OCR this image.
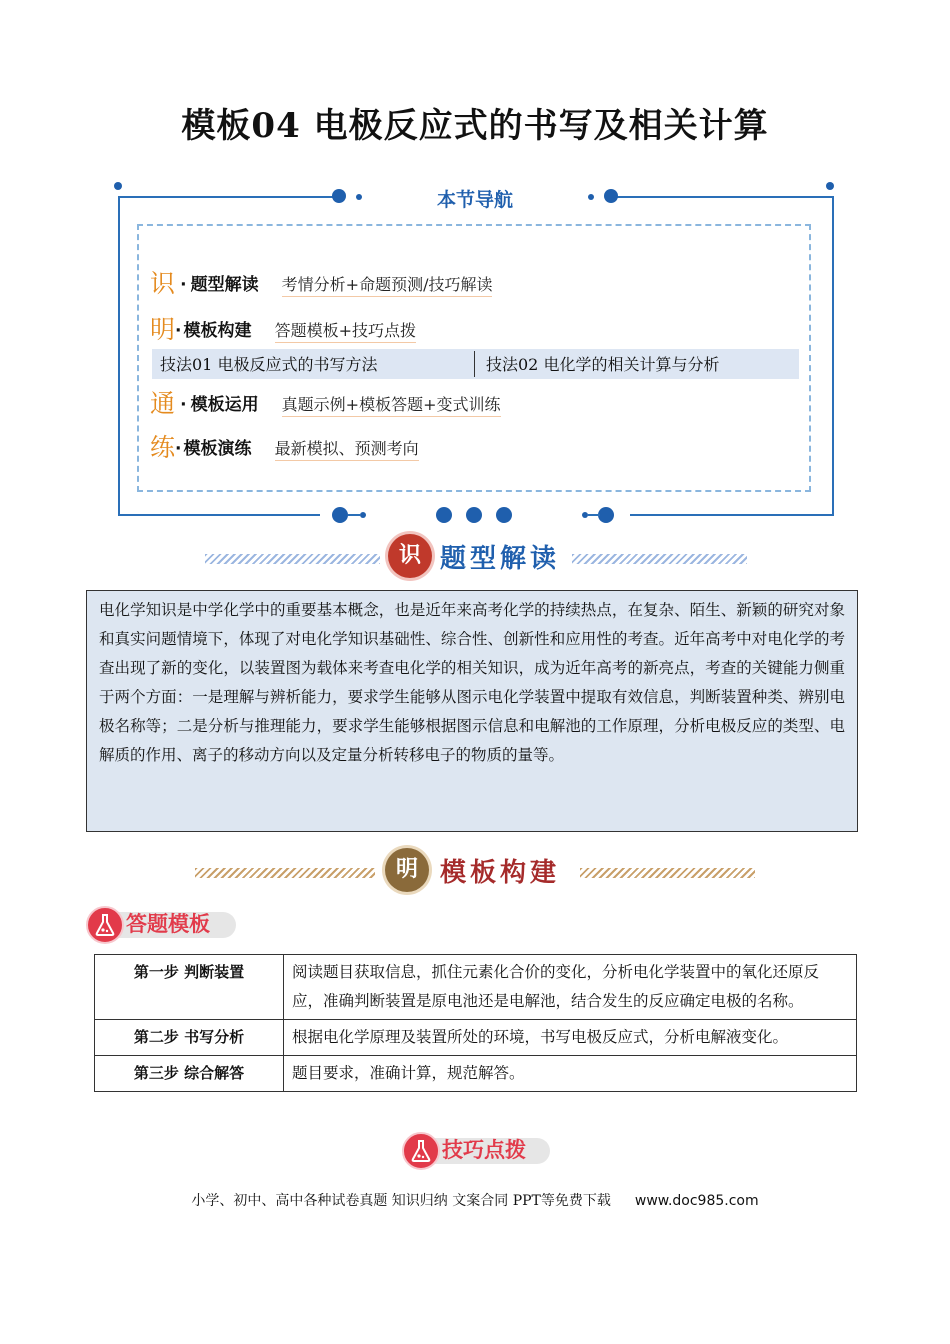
模板04 电极反应式的书写及相关计算
本节导航
识 · 题型解读 考情分析+命题预测/技巧解读
明· 模板构建 答题模板+技巧点拨
技法01 电极反应式的书写方法	技法02 电化学的相关计算与分析
通 · 模板运用 真题示例+模板答题+变式训练
练· 模板演练 最新模拟、预测考向
识 题型解读
电化学知识是中学化学中的重要基本概念，也是近年来高考化学的持续热点，在复杂、陌生、新颖的研究对象和真实问题情境下，体现了对电化学知识基础性、综合性、创新性和应用性的考查。近年高考中对电化学的考查出现了新的变化，以装置图为载体来考查电化学的相关知识，成为近年高考的新亮点，考查的关键能力侧重于两个方面：一是理解与辨析能力，要求学生能够从图示电化学装置中提取有效信息，判断装置种类、辨别电极名称等；二是分析与推理能力，要求学生能够根据图示信息和电解池的工作原理，分析电极反应的类型、电解质的作用、离子的移动方向以及定量分析转移电子的物质的量等。
明 模板构建
答题模板
第一步 判断装置	阅读题目获取信息，抓住元素化合价的变化，分析电化学装置中的氧化还原反应，准确判断装置是原电池还是电解池，结合发生的反应确定电极的名称。
第二步 书写分析	根据电化学原理及装置所处的环境，书写电极反应式，分析电解液变化。
第三步 综合解答	题目要求，准确计算，规范解答。
技巧点拨
小学、初中、高中各种试卷真题 知识归纳 文案合同 PPT等免费下载 www.doc985.com
